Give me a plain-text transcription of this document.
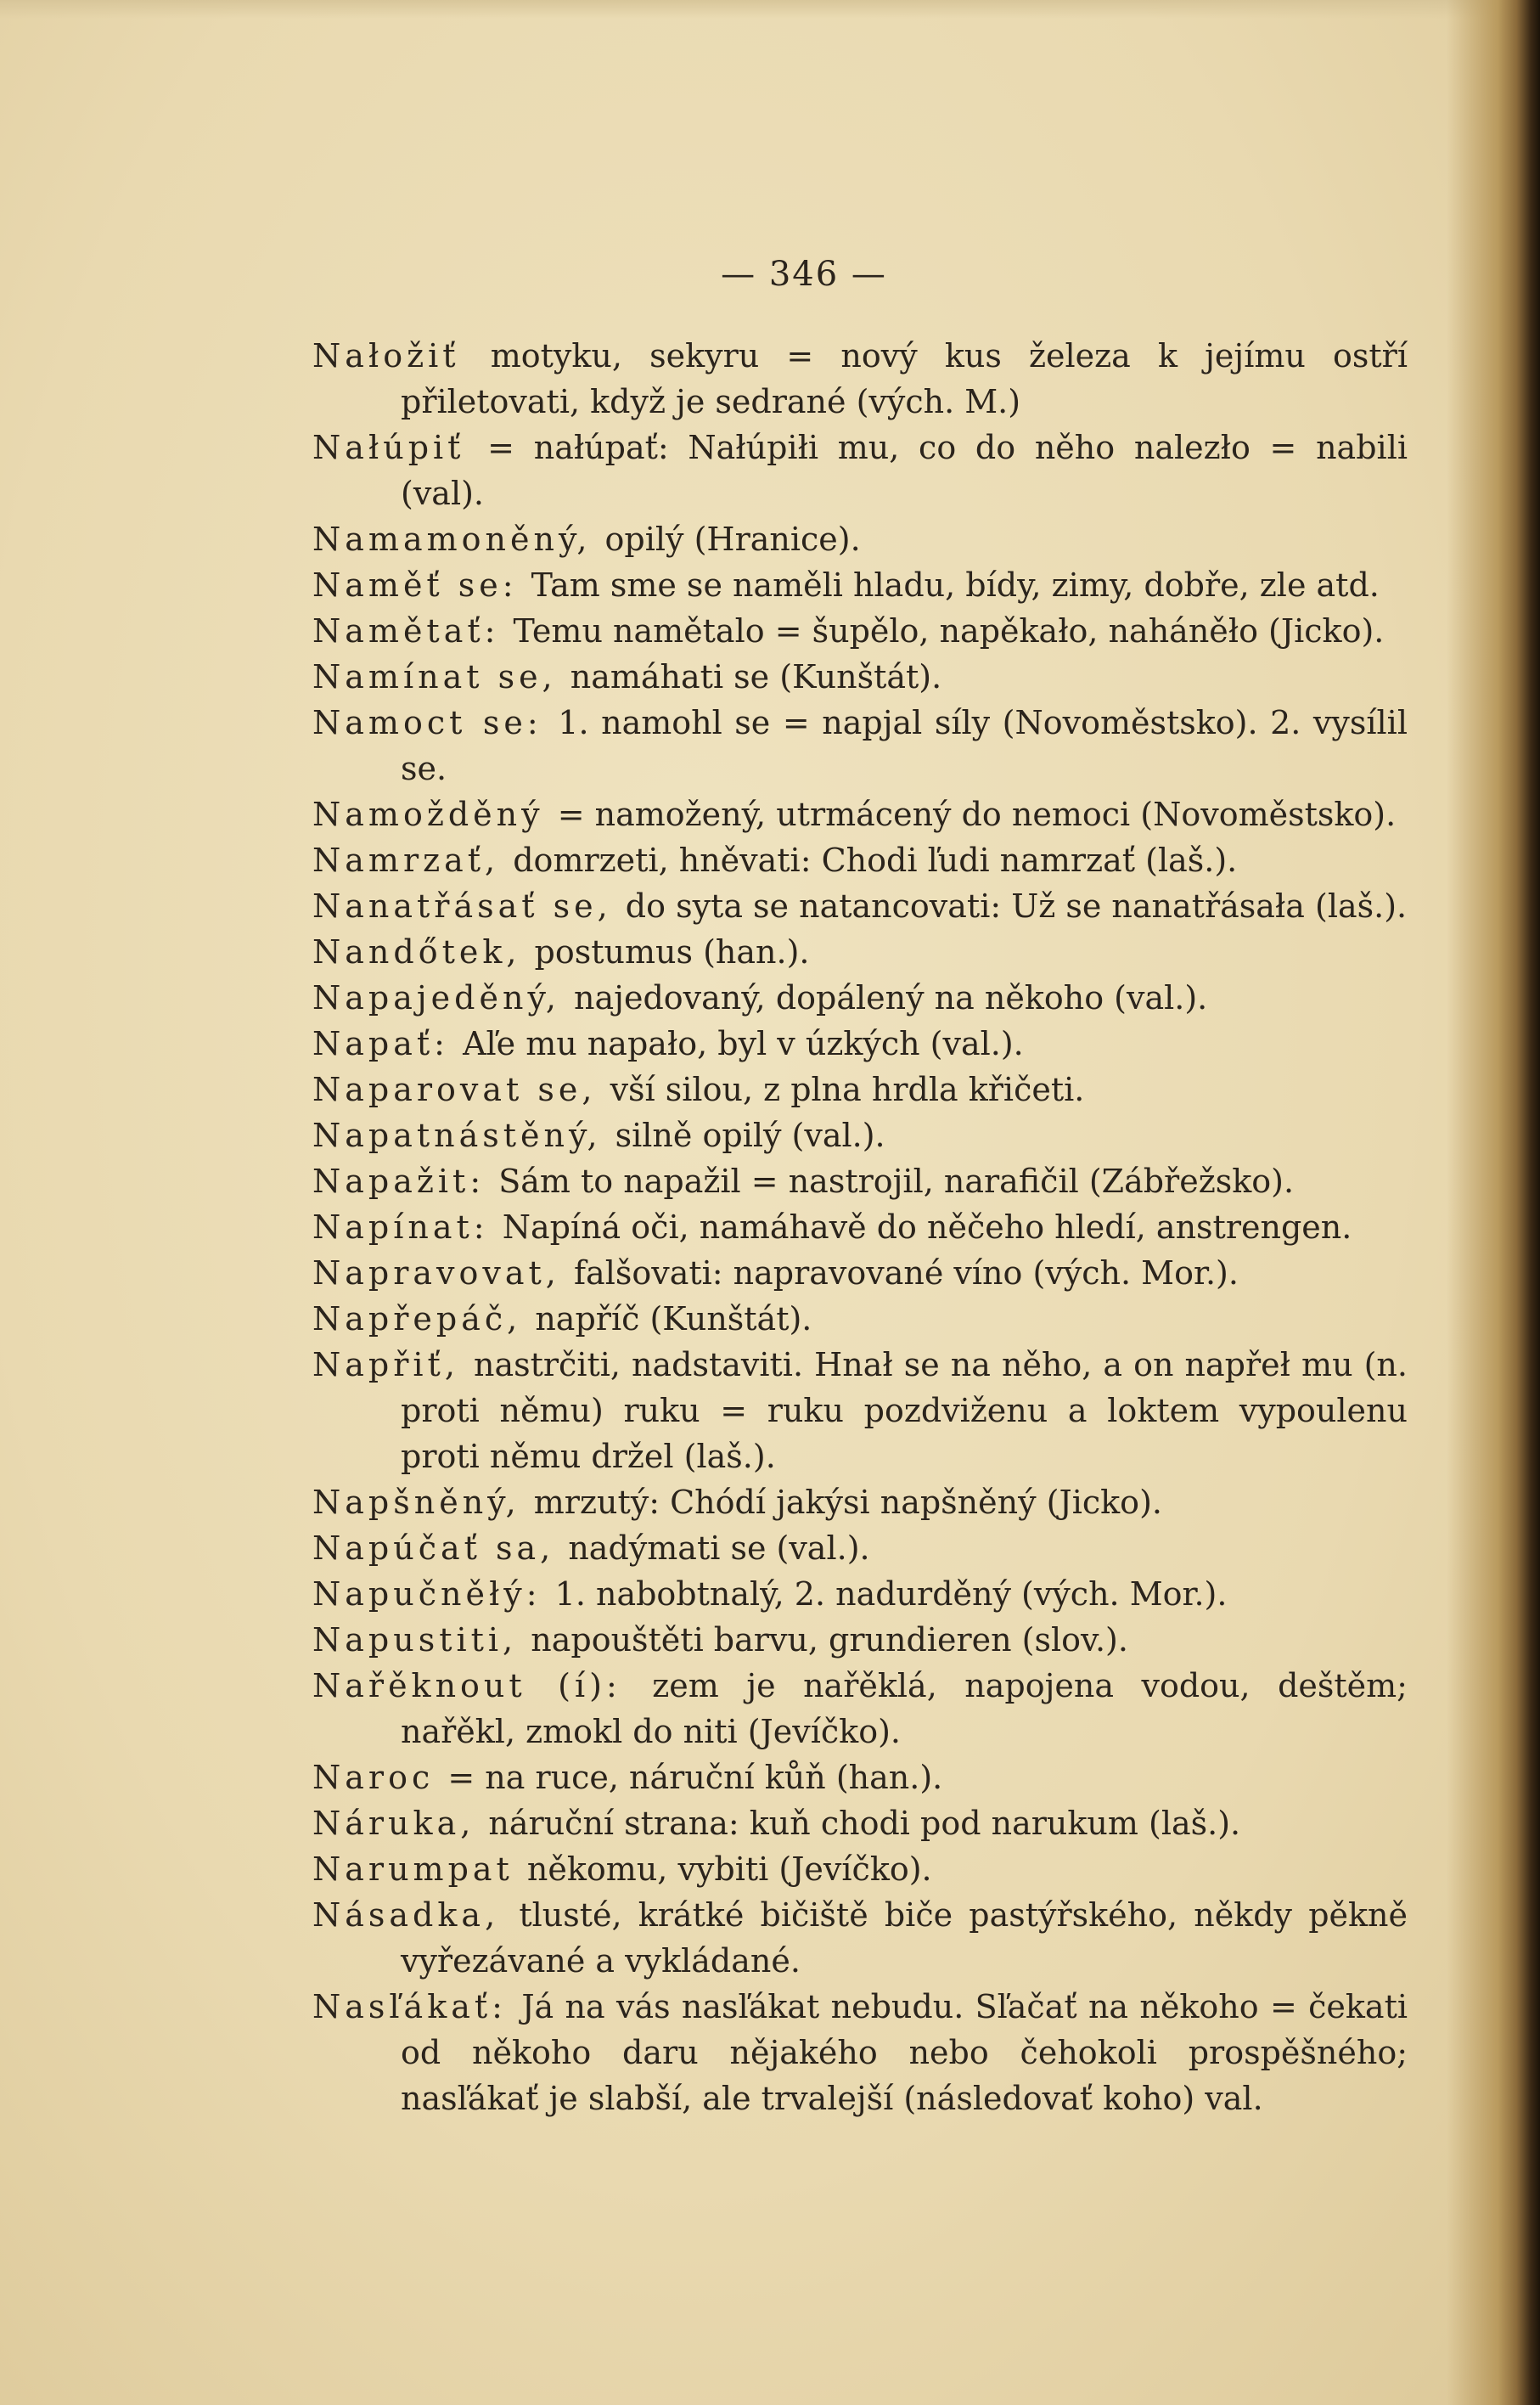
— 346 —

Nałožiť motyku, sekyru = nový kus železa k jejímu ostří přiletovati, když je sedrané (vých. M.)

Nałúpiť = nałúpať: Nałúpiłi mu, co do něho nalezło = nabili (val).

Namamoněný, opilý (Hranice).

Naměť se: Tam sme se naměli hladu, bídy, zimy, dobře, zle atd.

Namětať: Temu namětalo = šupělo, napěkało, naháněło (Jicko).

Namínat se, namáhati se (Kunštát).

Namoct se: 1. namohl se = napjal síly (Novoměstsko). 2. vysílil se.

Namožděný = namožený, utrmácený do nemoci (Novoměstsko).

Namrzať, domrzeti, hněvati: Chodi ľudi namrzať (laš.).

Nanatřásať se, do syta se natancovati: Už se nanatřásała (laš.).

Nandőtek, postumus (han.).

Napajeděný, najedovaný, dopálený na někoho (val.).

Napať: Aľe mu napało, byl v úzkých (val.).

Naparovat se, vší silou, z plna hrdla křičeti.

Napatnástěný, silně opilý (val.).

Napažit: Sám to napažil = nastrojil, narafičil (Zábřežsko).

Napínat: Napíná oči, namáhavě do něčeho hledí, anstrengen.

Napravovat, falšovati: napravované víno (vých. Mor.).

Napřepáč, napříč (Kunštát).

Napřiť, nastrčiti, nadstaviti. Hnał se na něho, a on napřeł mu (n. proti němu) ruku = ruku pozdviženu a loktem vypoulenu proti němu držel (laš.).

Napšněný, mrzutý: Chódí jakýsi napšněný (Jicko).

Napúčať sa, nadýmati se (val.).

Napučněłý: 1. nabobtnalý, 2. nadurděný (vých. Mor.).

Napustiti, napouštěti barvu, grundieren (slov.).

Nařěknout (í): zem je nařěklá, napojena vodou, deštěm; nařěkl, zmokl do niti (Jevíčko).

Naroc = na ruce, náruční kůň (han.).

Náruka, náruční strana: kuň chodi pod narukum (laš.).

Narumpat někomu, vybiti (Jevíčko).

Násadka, tlusté, krátké bičiště biče pastýřského, někdy pěkně vyřezávané a vykládané.

Nasľákať: Já na vás nasľákat nebudu. Sľačať na někoho = čekati od někoho daru nějakého nebo čehokoli prospěšného; nasľákať je slabší, ale trvalejší (následovať koho) val.
